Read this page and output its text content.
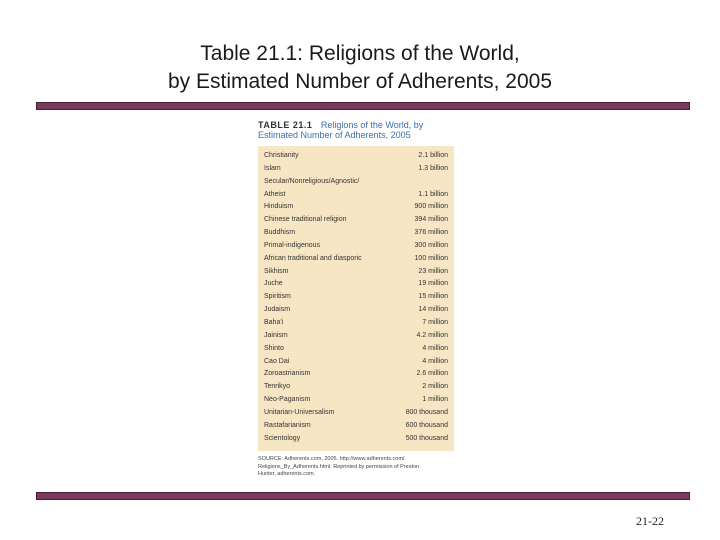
Table 21.1: Religions of the World,
by Estimated Number of Adherents, 2005
TABLE 21.1 Religions of the World, by
Estimated Number of Adherents, 2005
Christianity	2.1 billion
Islam	1.3 billion
Secular/Nonreligious/Agnostic/
Atheist	1.1 billion
Hinduism	900 million
Chinese traditional religion	394 million
Buddhism	376 million
Primal-indigenous	300 million
African traditional and diasporic	100 million
Sikhism	23 million
Juche	19 million
Spiritism	15 million
Judaism	14 million
Baha'i	7 million
Jainism	4.2 million
Shinto	4 million
Cao Dai	4 million
Zoroastrianism	2.6 million
Tenrikyo	2 million
Neo-Paganism	1 million
Unitarian-Universalism	800 thousand
Rastafarianism	600 thousand
Scientology	500 thousand
SOURCE: Adherents.com, 2005. http://www.adherents.com/
Religions_By_Adherents.html. Reprinted by permission of Preston
Hunter, adherents.com.
21-22
